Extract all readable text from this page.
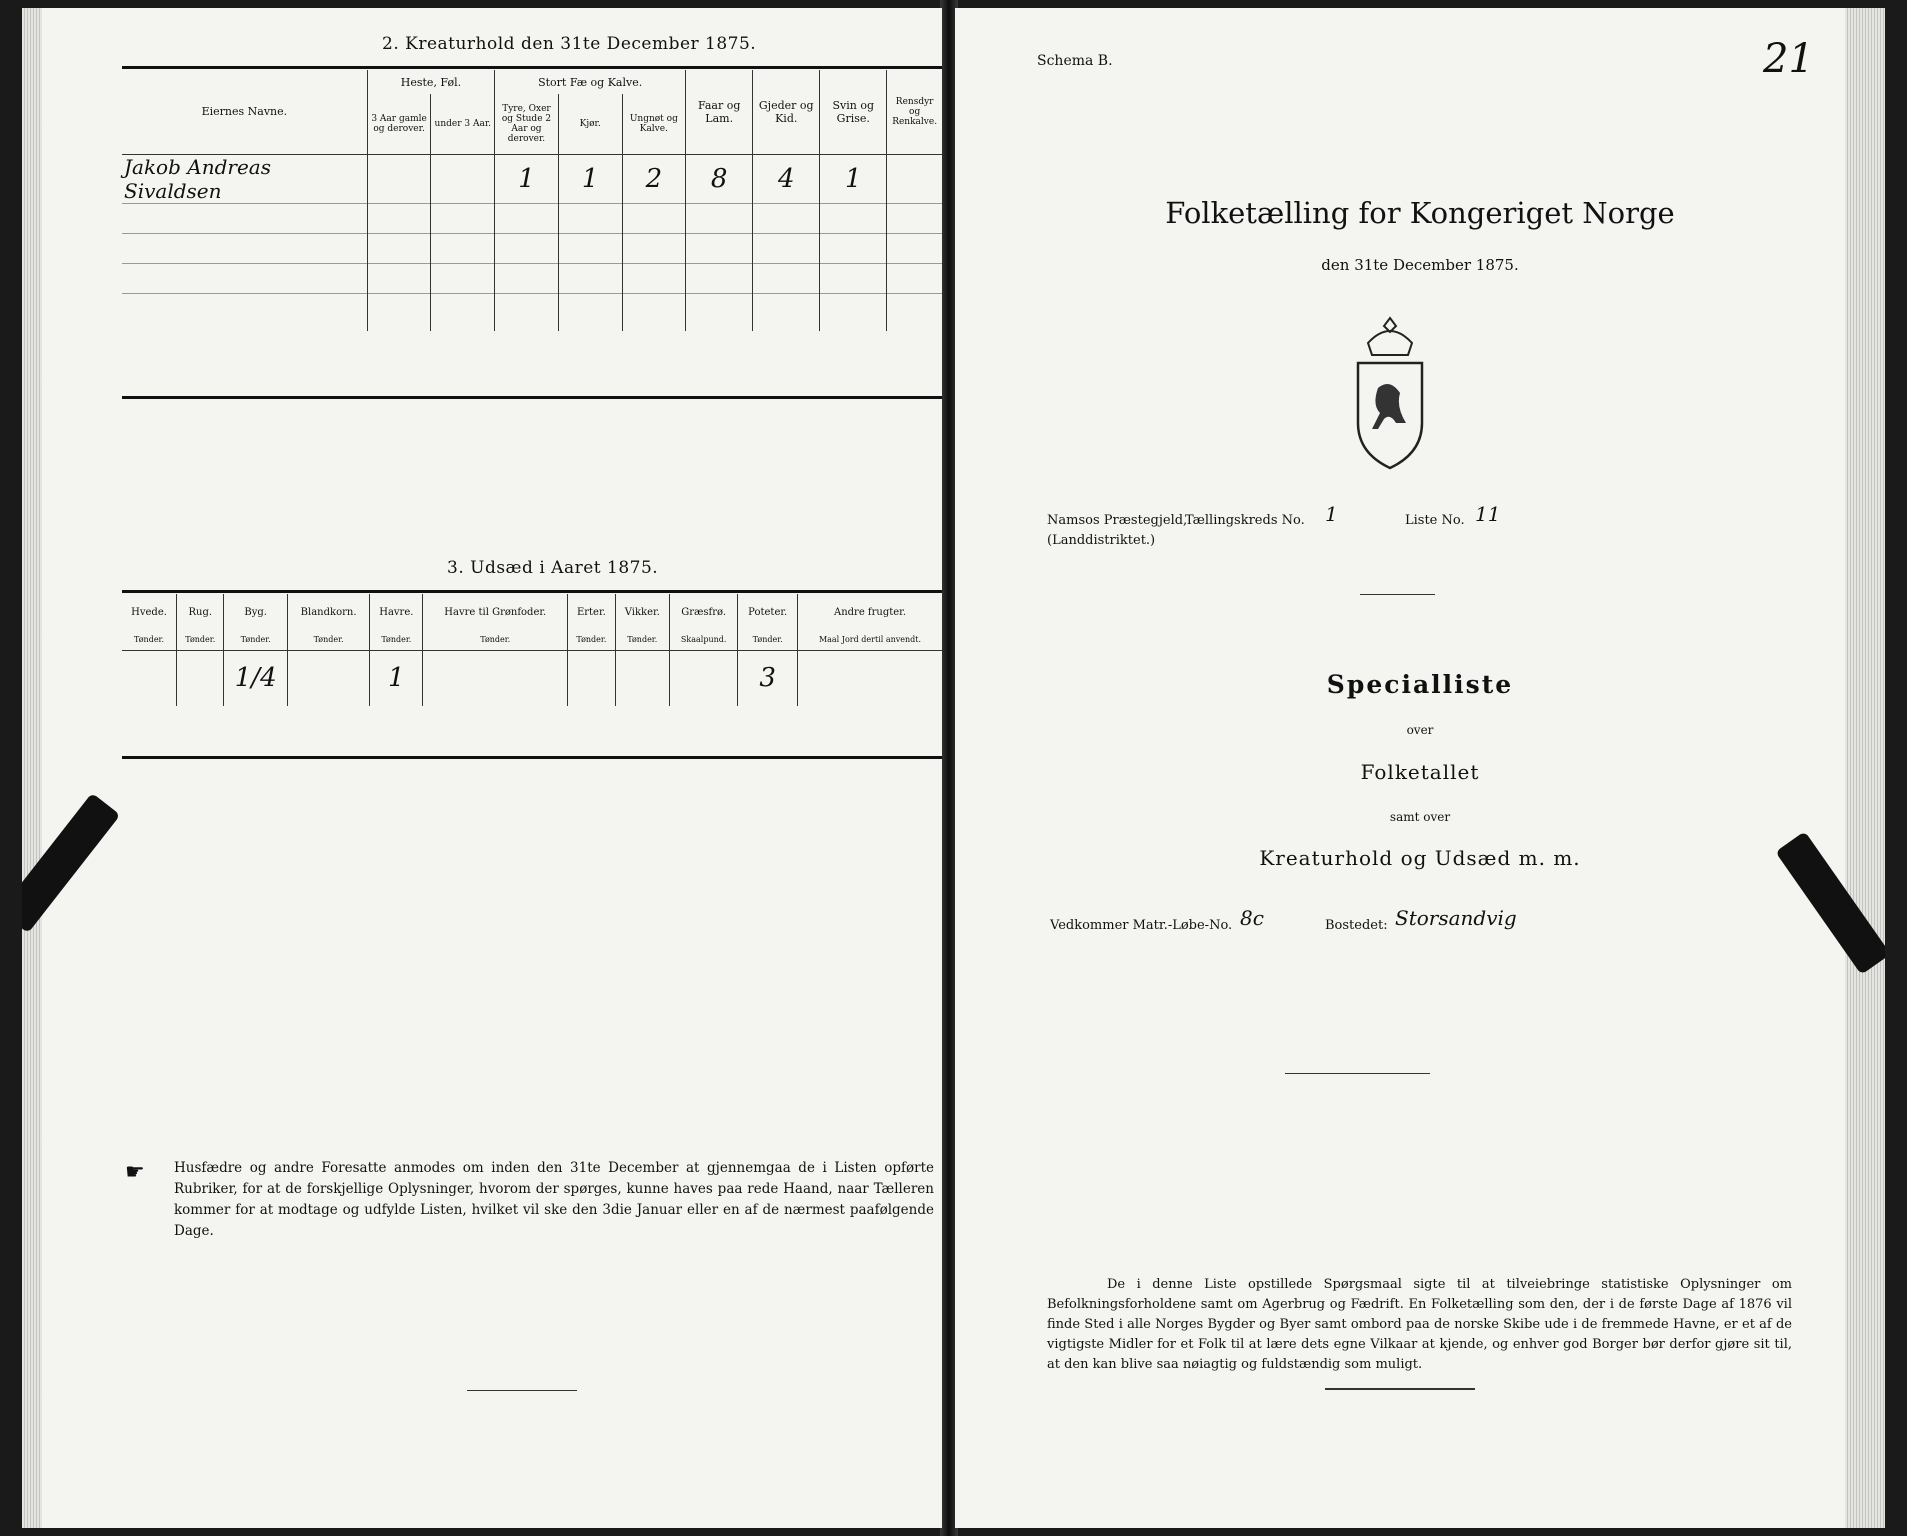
2. Kreaturhold den 31te December 1875.
Eiernes Navne.	Heste, Føl.		Stort Fæ og Kalve.			Faar og Lam.	Gjeder og Kid.	Svin og Grise.	Rensdyr og Renkalve.
	3 Aar gamle og derover.	under 3 Aar.	Tyre, Oxer og Stude 2 Aar og derover.	Kjør.	Ungnøt og Kalve.				
Jakob Andreas Sivaldsen			1	1	2	8	4	1	

3. Udsæd i Aaret 1875.
Hvede.	Rug.	Byg.	Blandkorn.	Havre.	Havre til Grønfoder.	Erter.	Vikker.	Græsfrø.	Poteter.	Andre frugter.
Tønder.	Tønder.	Tønder.	Tønder.	Tønder.	Tønder.	Tønder.	Tønder.	Skaalpund.	Tønder.	Maal Jord dertil anvendt.
		1/4		1					3	
☛ Husfædre og andre Foresatte anmodes om inden den 31te December at gjennemgaa de i Listen opførte Rubriker, for at de forskjellige Oplysninger, hvorom der spørges, kunne haves paa rede Haand, naar Tælleren kommer for at modtage og udfylde Listen, hvilket vil ske den 3die Januar eller en af de nærmest paafølgende Dage.
21
Schema B.
Folketælling for Kongeriget Norge
den 31te December 1875.
Namsos Præstegjeld,
(Landdistriktet.)
Tællingskreds No. 1	Liste No. 11
Specialliste
over
Folketallet
samt over
Kreaturhold og Udsæd m. m.
Vedkommer Matr.-Løbe-No. 8c	Bostedet: Storsandvig
De i denne Liste opstillede Spørgsmaal sigte til at tilveiebringe statistiske Oplysninger om Befolkningsforholdene samt om Agerbrug og Fædrift. En Folketælling som den, der i de første Dage af 1876 vil finde Sted i alle Norges Bygder og Byer samt ombord paa de norske Skibe ude i de fremmede Havne, er et af de vigtigste Midler for et Folk til at lære dets egne Vilkaar at kjende, og enhver god Borger bør derfor gjøre sit til, at den kan blive saa nøiagtig og fuldstændig som muligt.
